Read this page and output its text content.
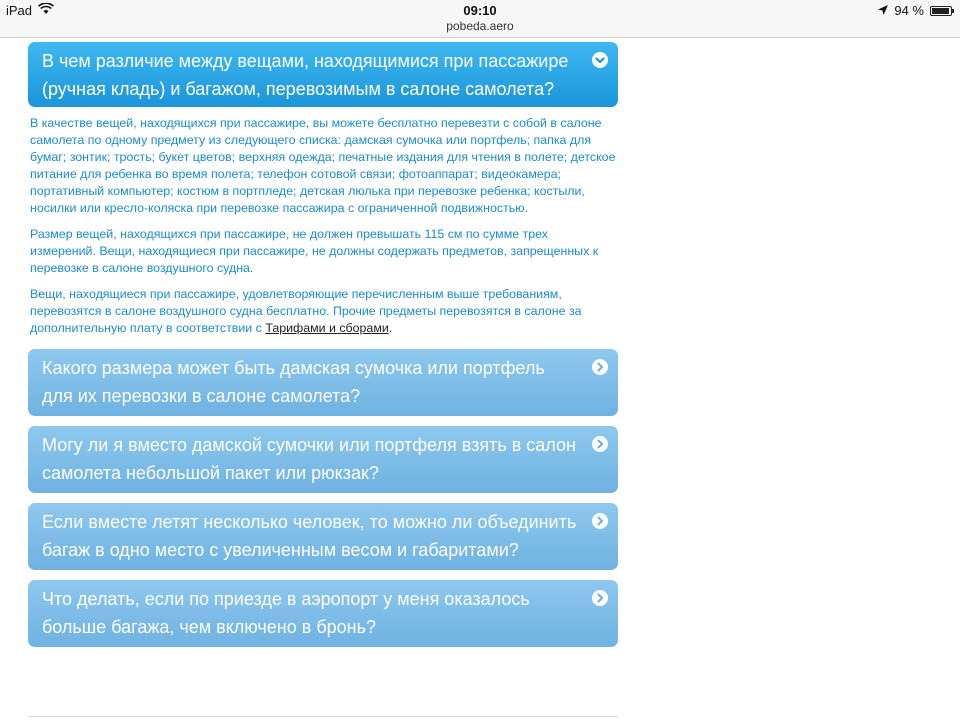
iPad	09:10
pobeda.aero
94 %
В чем различие между вещами, находящимися при пассажире (ручная кладь) и багажом, перевозимым в салоне самолета?

В качестве вещей, находящихся при пассажире, вы можете бесплатно перевезти с собой в салоне самолета по одному предмету из следующего списка: дамская сумочка или портфель; папка для бумаг; зонтик; трость; букет цветов; верхняя одежда; печатные издания для чтения в полете; детское питание для ребенка во время полета; телефон сотовой связи; фотоаппарат; видеокамера; портативный компьютер; костюм в портпледе; детская люлька при перевозке ребенка; костыли, носилки или кресло-коляска при перевозке пассажира с ограниченной подвижностью.

Размер вещей, находящихся при пассажире, не должен превышать 115 см по сумме трех измерений. Вещи, находящиеся при пассажире, не должны содержать предметов, запрещенных к перевозке в салоне воздушного судна.

Вещи, находящиеся при пассажире, удовлетворяющие перечисленным выше требованиям, перевозятся в салоне воздушного судна бесплатно. Прочие предметы перевозятся в салоне за дополнительную плату в соответствии с Тарифами и сборами.

Какого размера может быть дамская сумочка или портфель для их перевозки в салоне самолета?
Могу ли я вместо дамской сумочки или портфеля взять в салон самолета небольшой пакет или рюкзак?
Если вместе летят несколько человек, то можно ли объединить багаж в одно место с увеличенным весом и габаритами?
Что делать, если по приезде в аэропорт у меня оказалось больше багажа, чем включено в бронь?
